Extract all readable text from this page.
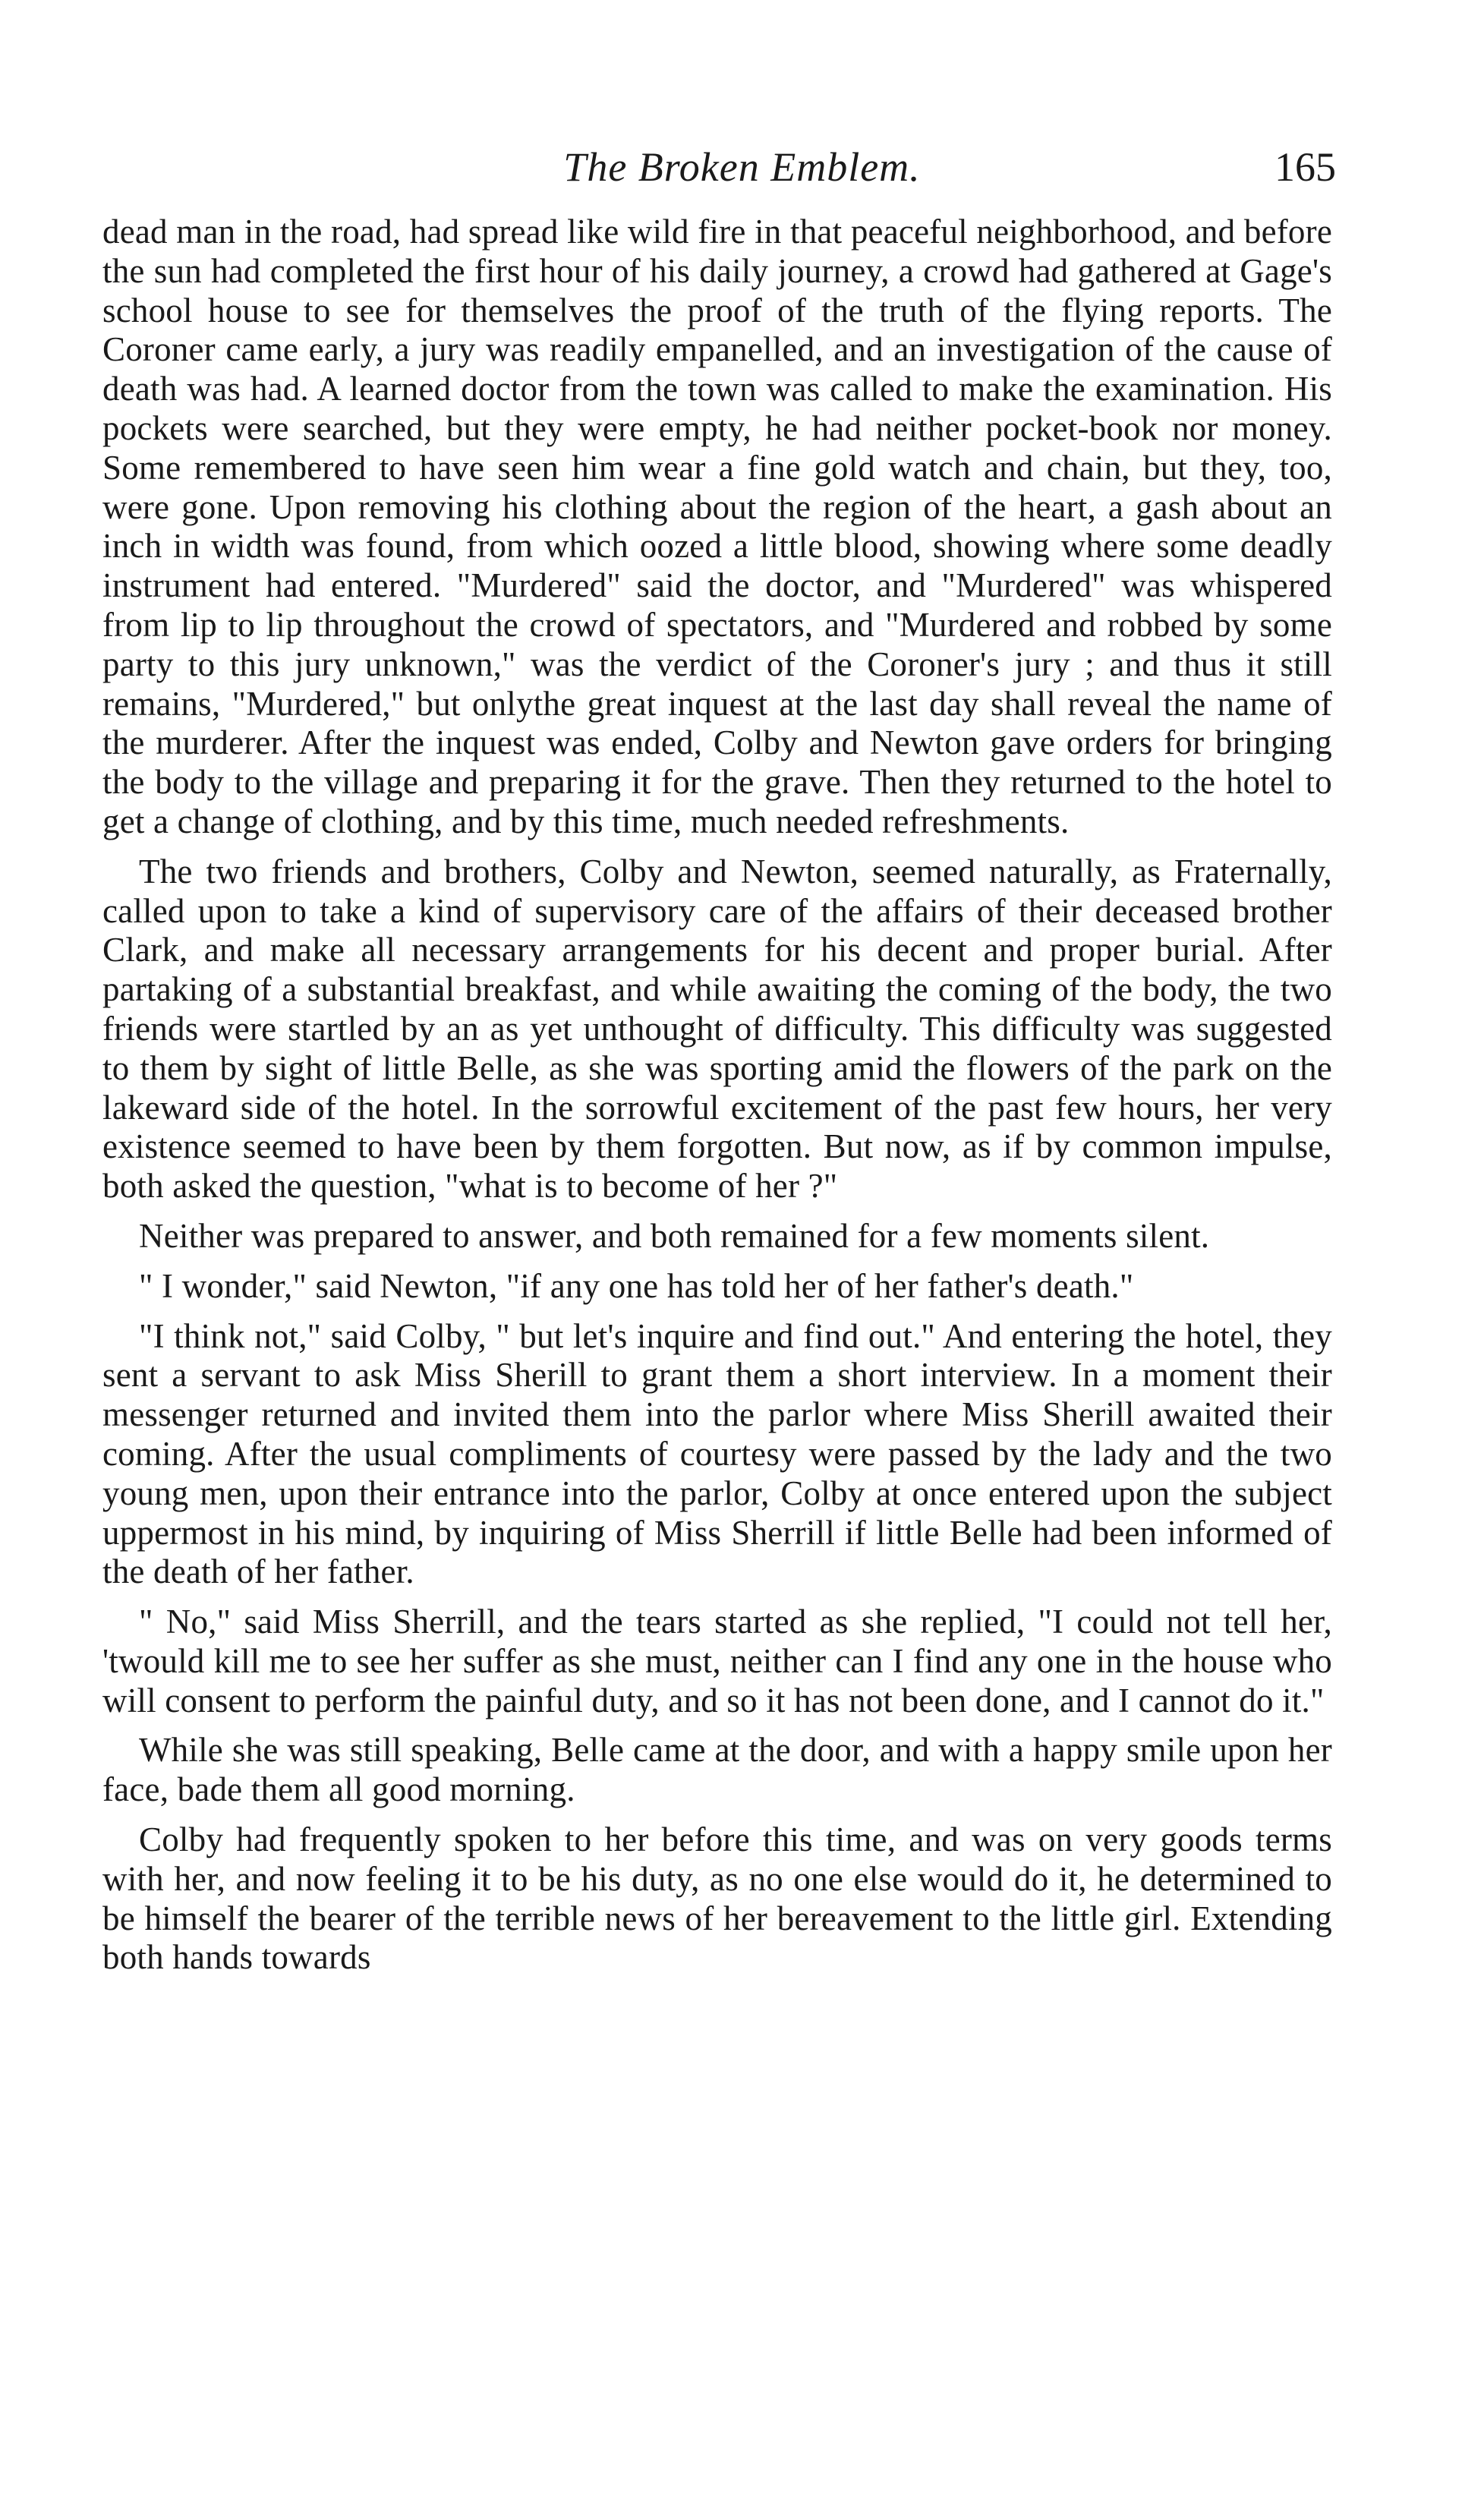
The Broken Emblem.	165

dead man in the road, had spread like wild fire in that peaceful neighborhood, and before the sun had completed the first hour of his daily journey, a crowd had gathered at Gage's school house to see for themselves the proof of the truth of the flying reports. The Coroner came early, a jury was readily empanelled, and an investigation of the cause of death was had. A learned doctor from the town was called to make the examination. His pockets were searched, but they were empty, he had neither pocket-book nor money. Some remembered to have seen him wear a fine gold watch and chain, but they, too, were gone. Upon removing his clothing about the region of the heart, a gash about an inch in width was found, from which oozed a little blood, showing where some deadly instrument had entered. "Murdered" said the doctor, and "Murdered" was whispered from lip to lip throughout the crowd of spectators, and "Murdered and robbed by some party to this jury unknown," was the verdict of the Coroner's jury ; and thus it still remains, "Murdered," but onlythe great inquest at the last day shall reveal the name of the murderer. After the inquest was ended, Colby and Newton gave orders for bringing the body to the village and preparing it for the grave. Then they returned to the hotel to get a change of clothing, and by this time, much needed refreshments.

The two friends and brothers, Colby and Newton, seemed naturally, as Fraternally, called upon to take a kind of supervisory care of the affairs of their deceased brother Clark, and make all necessary arrangements for his decent and proper burial. After partaking of a substantial breakfast, and while awaiting the coming of the body, the two friends were startled by an as yet unthought of difficulty. This difficulty was suggested to them by sight of little Belle, as she was sporting amid the flowers of the park on the lakeward side of the hotel. In the sorrowful excitement of the past few hours, her very existence seemed to have been by them forgotten. But now, as if by common impulse, both asked the question, "what is to become of her ?"

Neither was prepared to answer, and both remained for a few moments silent.

" I wonder," said Newton, "if any one has told her of her father's death."

"I think not," said Colby, " but let's inquire and find out." And entering the hotel, they sent a servant to ask Miss Sherill to grant them a short interview. In a moment their messenger returned and invited them into the parlor where Miss Sherill awaited their coming. After the usual compliments of courtesy were passed by the lady and the two young men, upon their entrance into the parlor, Colby at once entered upon the subject uppermost in his mind, by inquiring of Miss Sherrill if little Belle had been informed of the death of her father.

" No," said Miss Sherrill, and the tears started as she replied, "I could not tell her, 'twould kill me to see her suffer as she must, neither can I find any one in the house who will consent to perform the painful duty, and so it has not been done, and I cannot do it."

While she was still speaking, Belle came at the door, and with a happy smile upon her face, bade them all good morning.

Colby had frequently spoken to her before this time, and was on very goods terms with her, and now feeling it to be his duty, as no one else would do it, he determined to be himself the bearer of the terrible news of her bereavement to the little girl. Extending both hands towards
